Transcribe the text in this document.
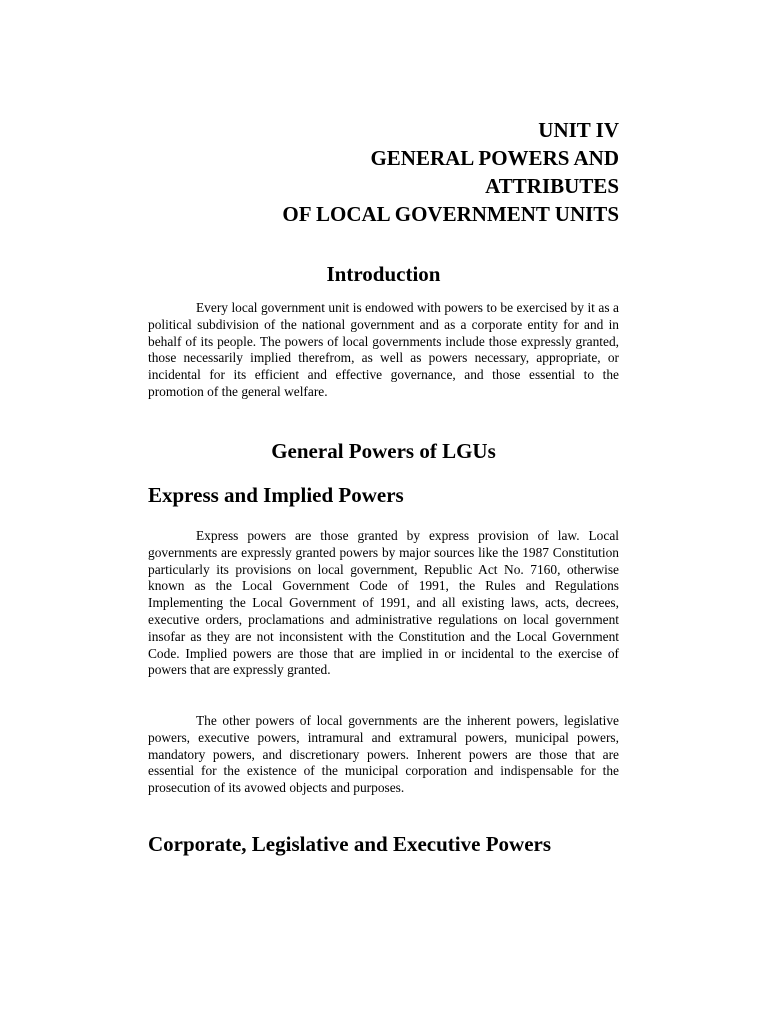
UNIT IV
GENERAL POWERS AND
ATTRIBUTES
OF LOCAL GOVERNMENT UNITS
Introduction

Every local government unit is endowed with powers to be exercised by it as a political subdivision of the national government and as a corporate entity for and in behalf of its people. The powers of local governments include those expressly granted, those necessarily implied therefrom, as well as powers necessary, appropriate, or incidental for its efficient and effective governance, and those essential to the promotion of the general welfare.

General Powers of LGUs
Express and Implied Powers

Express powers are those granted by express provision of law. Local governments are expressly granted powers by major sources like the 1987 Constitution particularly its provisions on local government, Republic Act No. 7160, otherwise known as the Local Government Code of 1991, the Rules and Regulations Implementing the Local Government of 1991, and all existing laws, acts, decrees, executive orders, proclamations and administrative regulations on local government insofar as they are not inconsistent with the Constitution and the Local Government Code. Implied powers are those that are implied in or incidental to the exercise of powers that are expressly granted.

The other powers of local governments are the inherent powers, legislative powers, executive powers, intramural and extramural powers, municipal powers, mandatory powers, and discretionary powers. Inherent powers are those that are essential for the existence of the municipal corporation and indispensable for the prosecution of its avowed objects and purposes.

Corporate, Legislative and Executive Powers
